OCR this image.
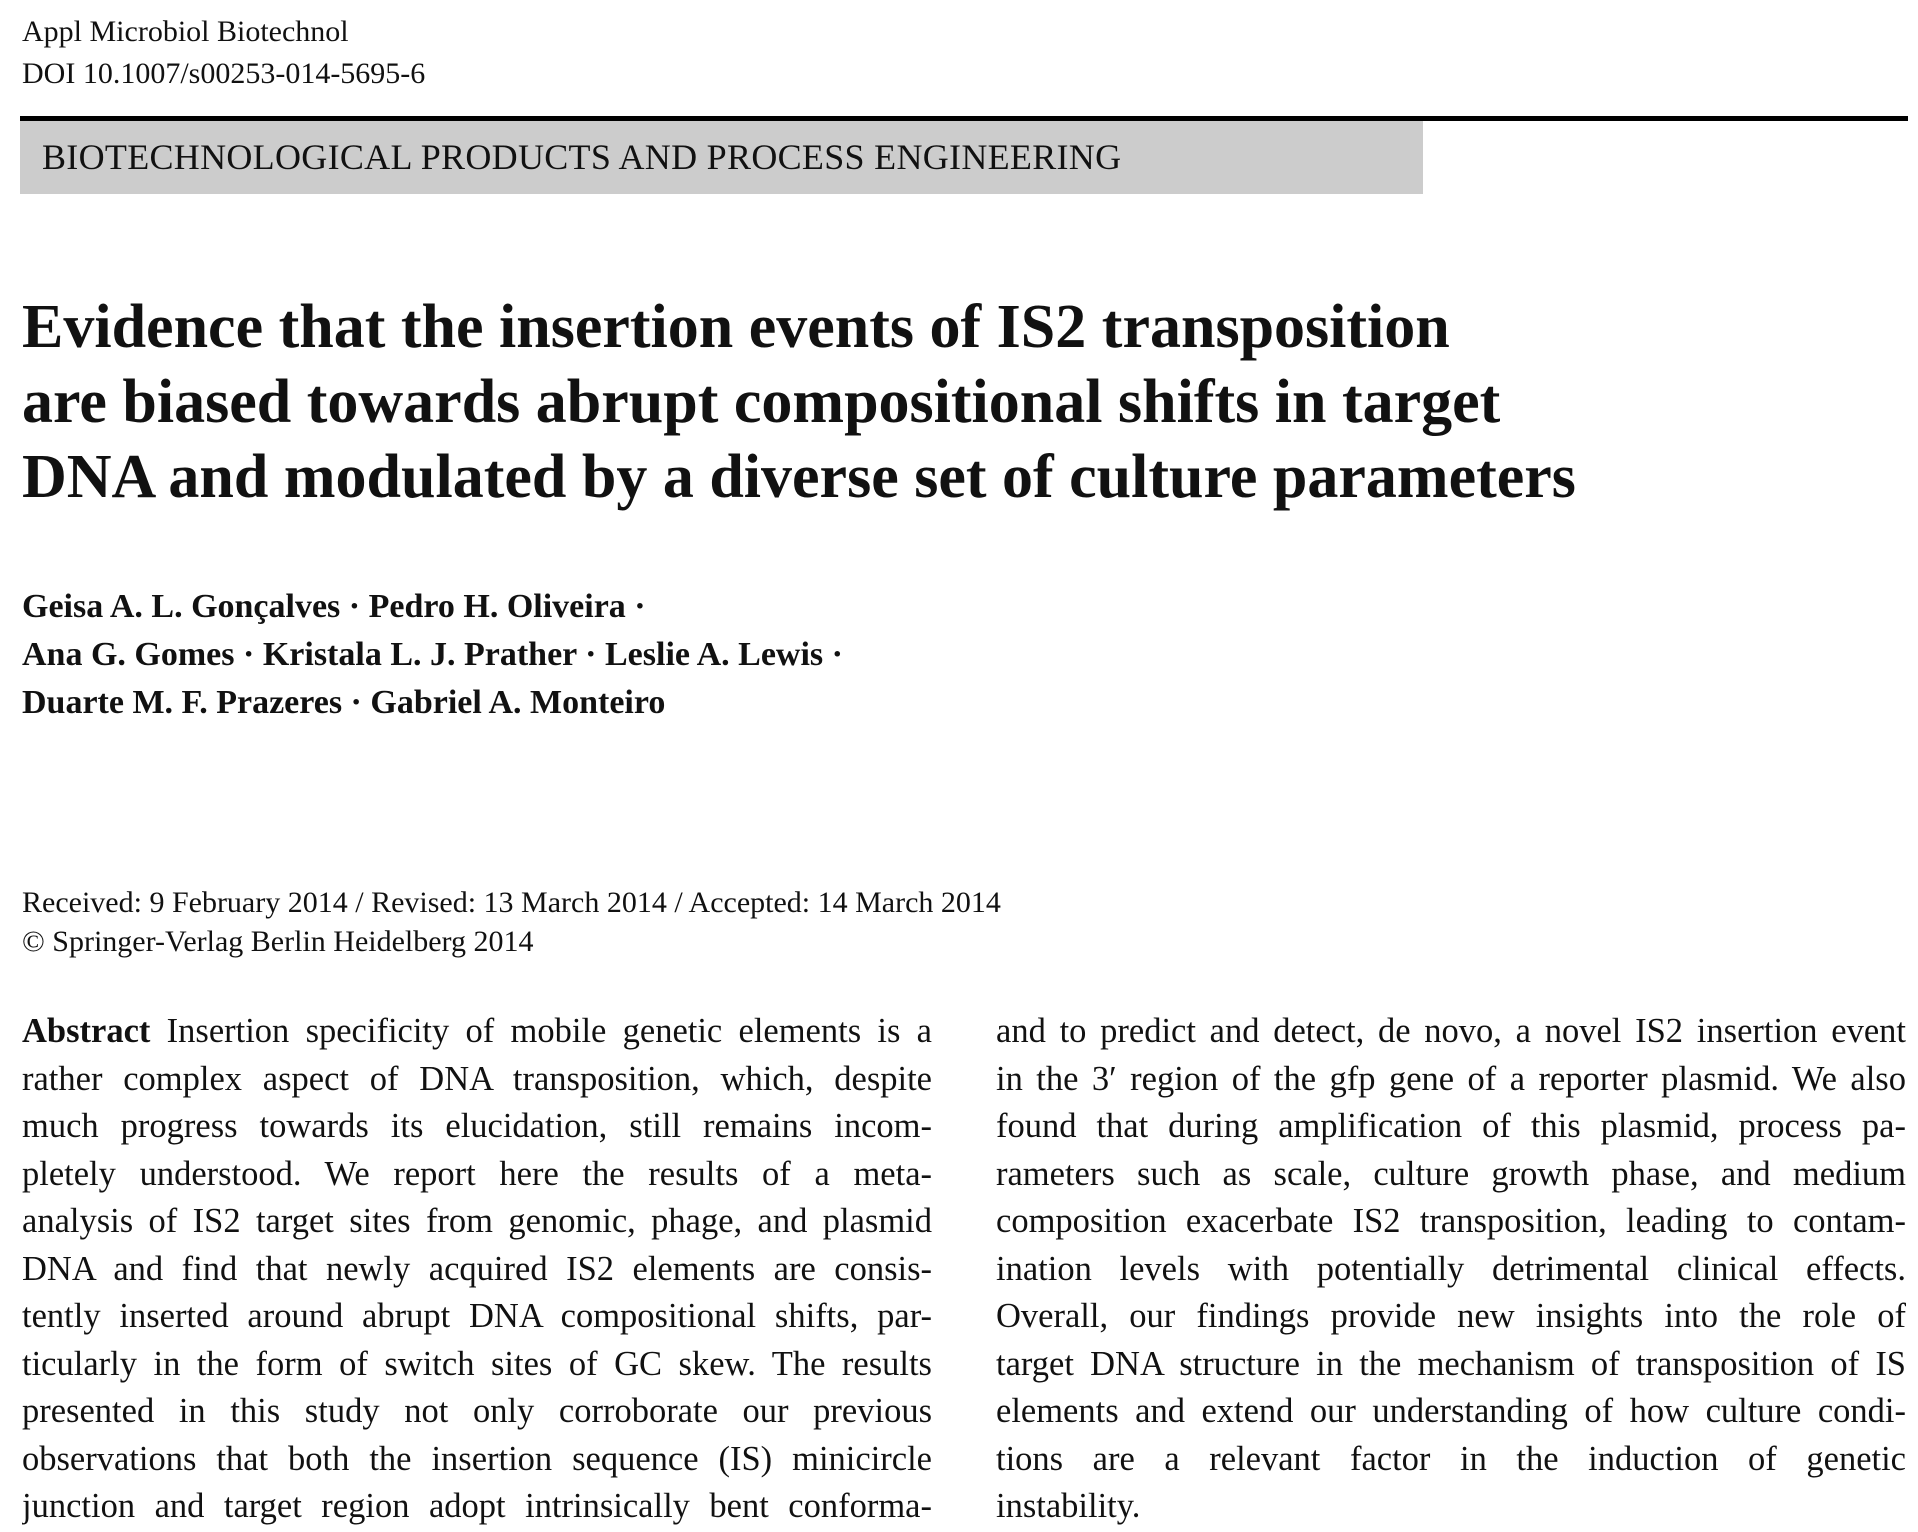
Appl Microbiol Biotechnol
DOI 10.1007/s00253-014-5695-6
BIOTECHNOLOGICAL PRODUCTS AND PROCESS ENGINEERING
Evidence that the insertion events of IS2 transposition
are biased towards abrupt compositional shifts in target
DNA and modulated by a diverse set of culture parameters
Geisa A. L. Gonçalves · Pedro H. Oliveira ·
Ana G. Gomes · Kristala L. J. Prather · Leslie A. Lewis ·
Duarte M. F. Prazeres · Gabriel A. Monteiro
Received: 9 February 2014 / Revised: 13 March 2014 / Accepted: 14 March 2014
© Springer-Verlag Berlin Heidelberg 2014
Abstract Insertion specificity of mobile genetic elements is a
rather complex aspect of DNA transposition, which, despite
much progress towards its elucidation, still remains incom-
pletely understood. We report here the results of a meta-
analysis of IS2 target sites from genomic, phage, and plasmid
DNA and find that newly acquired IS2 elements are consis-
tently inserted around abrupt DNA compositional shifts, par-
ticularly in the form of switch sites of GC skew. The results
presented in this study not only corroborate our previous
observations that both the insertion sequence (IS) minicircle
junction and target region adopt intrinsically bent conforma-
and to predict and detect, de novo, a novel IS2 insertion event
in the 3′ region of the gfp gene of a reporter plasmid. We also
found that during amplification of this plasmid, process pa-
rameters such as scale, culture growth phase, and medium
composition exacerbate IS2 transposition, leading to contam-
ination levels with potentially detrimental clinical effects.
Overall, our findings provide new insights into the role of
target DNA structure in the mechanism of transposition of IS
elements and extend our understanding of how culture condi-
tions are a relevant factor in the induction of genetic
instability.
